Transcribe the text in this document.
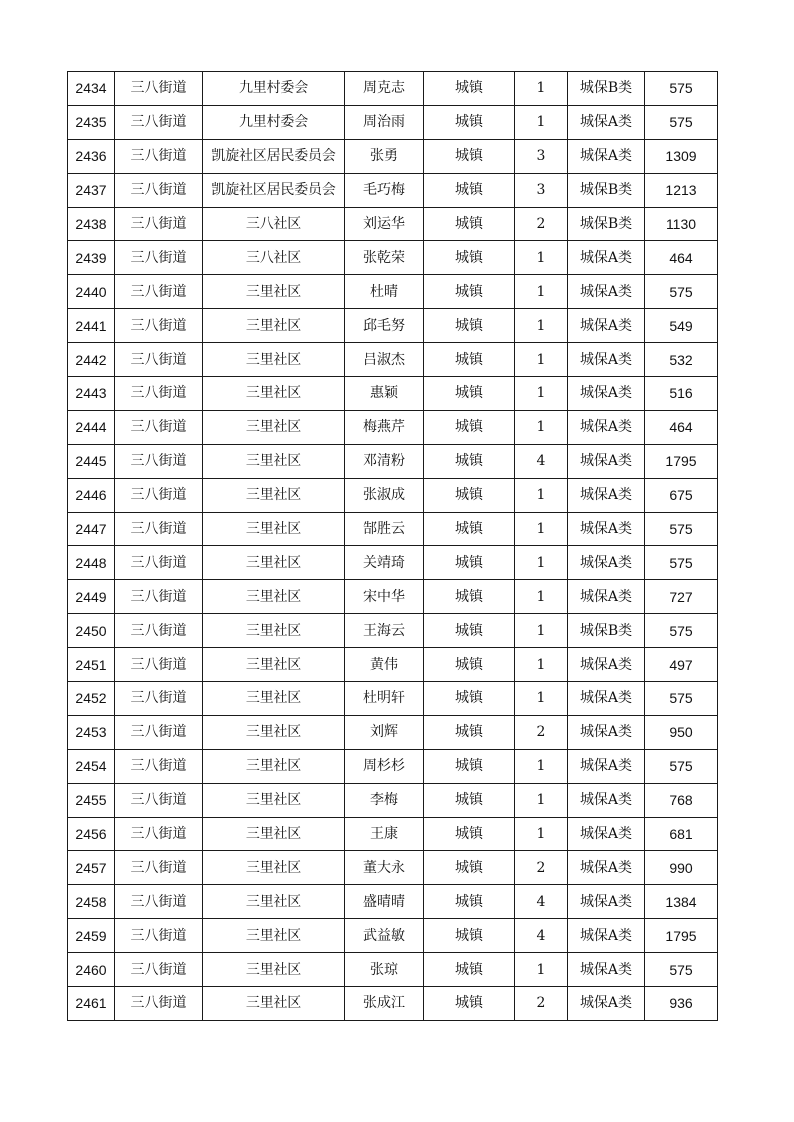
2434	三八街道	九里村委会	周克志	城镇	1	城保B类	575
2435	三八街道	九里村委会	周治雨	城镇	1	城保A类	575
2436	三八街道	凯旋社区居民委员会	张勇	城镇	3	城保A类	1309
2437	三八街道	凯旋社区居民委员会	毛巧梅	城镇	3	城保B类	1213
2438	三八街道	三八社区	刘运华	城镇	2	城保B类	1130
2439	三八街道	三八社区	张乾荣	城镇	1	城保A类	464
2440	三八街道	三里社区	杜晴	城镇	1	城保A类	575
2441	三八街道	三里社区	邱毛努	城镇	1	城保A类	549
2442	三八街道	三里社区	吕淑杰	城镇	1	城保A类	532
2443	三八街道	三里社区	惠颖	城镇	1	城保A类	516
2444	三八街道	三里社区	梅燕芹	城镇	1	城保A类	464
2445	三八街道	三里社区	邓清粉	城镇	4	城保A类	1795
2446	三八街道	三里社区	张淑成	城镇	1	城保A类	675
2447	三八街道	三里社区	郜胜云	城镇	1	城保A类	575
2448	三八街道	三里社区	关靖琦	城镇	1	城保A类	575
2449	三八街道	三里社区	宋中华	城镇	1	城保A类	727
2450	三八街道	三里社区	王海云	城镇	1	城保B类	575
2451	三八街道	三里社区	黄伟	城镇	1	城保A类	497
2452	三八街道	三里社区	杜明轩	城镇	1	城保A类	575
2453	三八街道	三里社区	刘辉	城镇	2	城保A类	950
2454	三八街道	三里社区	周杉杉	城镇	1	城保A类	575
2455	三八街道	三里社区	李梅	城镇	1	城保A类	768
2456	三八街道	三里社区	王康	城镇	1	城保A类	681
2457	三八街道	三里社区	董大永	城镇	2	城保A类	990
2458	三八街道	三里社区	盛晴晴	城镇	4	城保A类	1384
2459	三八街道	三里社区	武益敏	城镇	4	城保A类	1795
2460	三八街道	三里社区	张琼	城镇	1	城保A类	575
2461	三八街道	三里社区	张成江	城镇	2	城保A类	936
